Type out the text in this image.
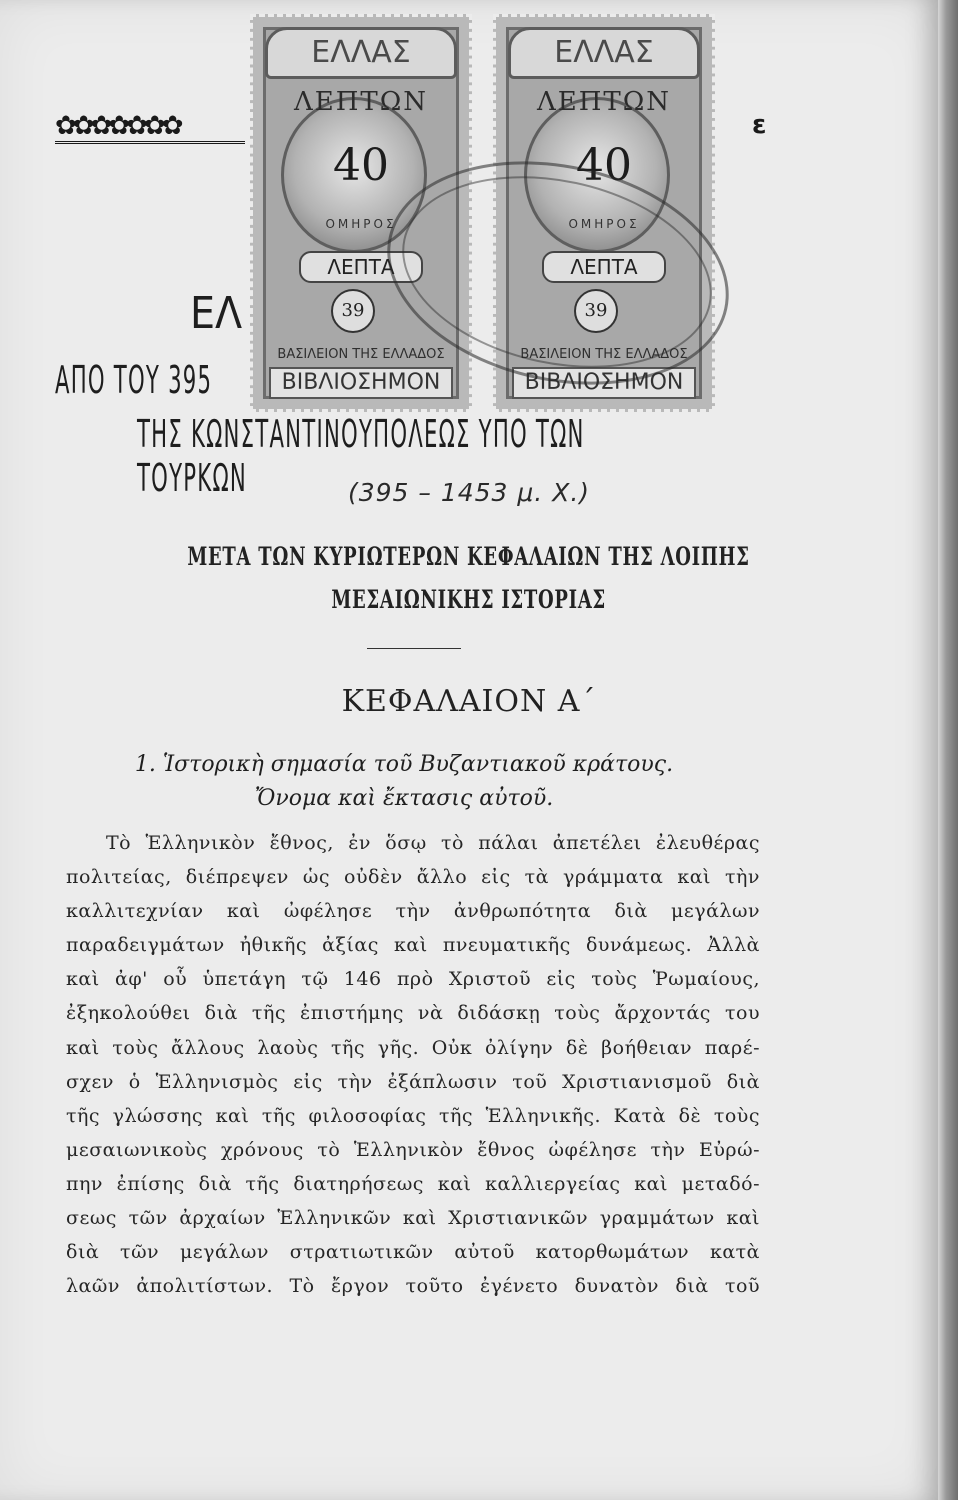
✿✿✿✿✿✿✿	ε
ΕΛ
ΑΠΟ ΤΟΥ 395
ΤΗΣ ΚΩΝΣΤΑΝΤΙΝΟΥΠΟΛΕΩΣ ΥΠΟ ΤΩΝ ΤΟΥΡΚΩΝ	(395 – 1453 μ. Χ.)
ΜΕΤΑ ΤΩΝ ΚΥΡΙΩΤΕΡΩΝ ΚΕΦΑΛΑΙΩΝ ΤΗΣ ΛΟΙΠΗΣ
ΜΕΣΑΙΩΝΙΚΗΣ ΙΣΤΟΡΙΑΣ
ΚΕΦΑΛΑΙΟΝ Α΄
1. Ἱστορικὴ σημασία τοῦ Βυζαντιακοῦ κράτους.
Ὄνομα καὶ ἔκτασις αὐτοῦ.
Τὸ Ἑλληνικὸν ἔθνος, ἐν ὅσῳ τὸ πάλαι ἀπετέλει ἐλευθέρας
πολιτείας, διέπρεψεν ὡς οὐδὲν ἄλλο εἰς τὰ γράμματα καὶ τὴν
καλλιτεχνίαν καὶ ὠφέλησε τὴν ἀνθρωπότητα διὰ μεγάλων
παραδειγμάτων ἠθικῆς ἀξίας καὶ πνευματικῆς δυνάμεως. Ἀλλὰ
καὶ ἀφ' οὗ ὑπετάγη τῷ 146 πρὸ Χριστοῦ εἰς τοὺς Ῥωμαίους,
ἐξηκολούθει διὰ τῆς ἐπιστήμης νὰ διδάσκῃ τοὺς ἄρχοντάς του
καὶ τοὺς ἄλλους λαοὺς τῆς γῆς. Οὐκ ὀλίγην δὲ βοήθειαν παρέ-
σχεν ὁ Ἑλληνισμὸς εἰς τὴν ἐξάπλωσιν τοῦ Χριστιανισμοῦ διὰ
τῆς γλώσσης καὶ τῆς φιλοσοφίας τῆς Ἑλληνικῆς. Κατὰ δὲ τοὺς
μεσαιωνικοὺς χρόνους τὸ Ἑλληνικὸν ἔθνος ὠφέλησε τὴν Εὐρώ-
πην ἐπίσης διὰ τῆς διατηρήσεως καὶ καλλιεργείας καὶ μεταδό-
σεως τῶν ἀρχαίων Ἑλληνικῶν καὶ Χριστιανικῶν γραμμάτων καὶ
διὰ τῶν μεγάλων στρατιωτικῶν αὐτοῦ κατορθωμάτων κατὰ
λαῶν ἀπολιτίστων. Τὸ ἔργον τοῦτο ἐγένετο δυνατὸν διὰ τοῦ
ΕΛΛΑΣ
ΛΕΠΤΩΝ
40
ΟΜΗΡΟΣ
ΛΕΠΤΑ
39
ΒΑΣΙΛΕΙΟΝ ΤΗΣ ΕΛΛΑΔΟΣ
ΒΙΒΛΙΟΣΗΜΟΝ
ΕΛΛΑΣ
ΛΕΠΤΩΝ
40
ΟΜΗΡΟΣ
ΛΕΠΤΑ
39
ΒΑΣΙΛΕΙΟΝ ΤΗΣ ΕΛΛΑΔΟΣ
ΒΙΒΛΙΟΣΗΜΟΝ
